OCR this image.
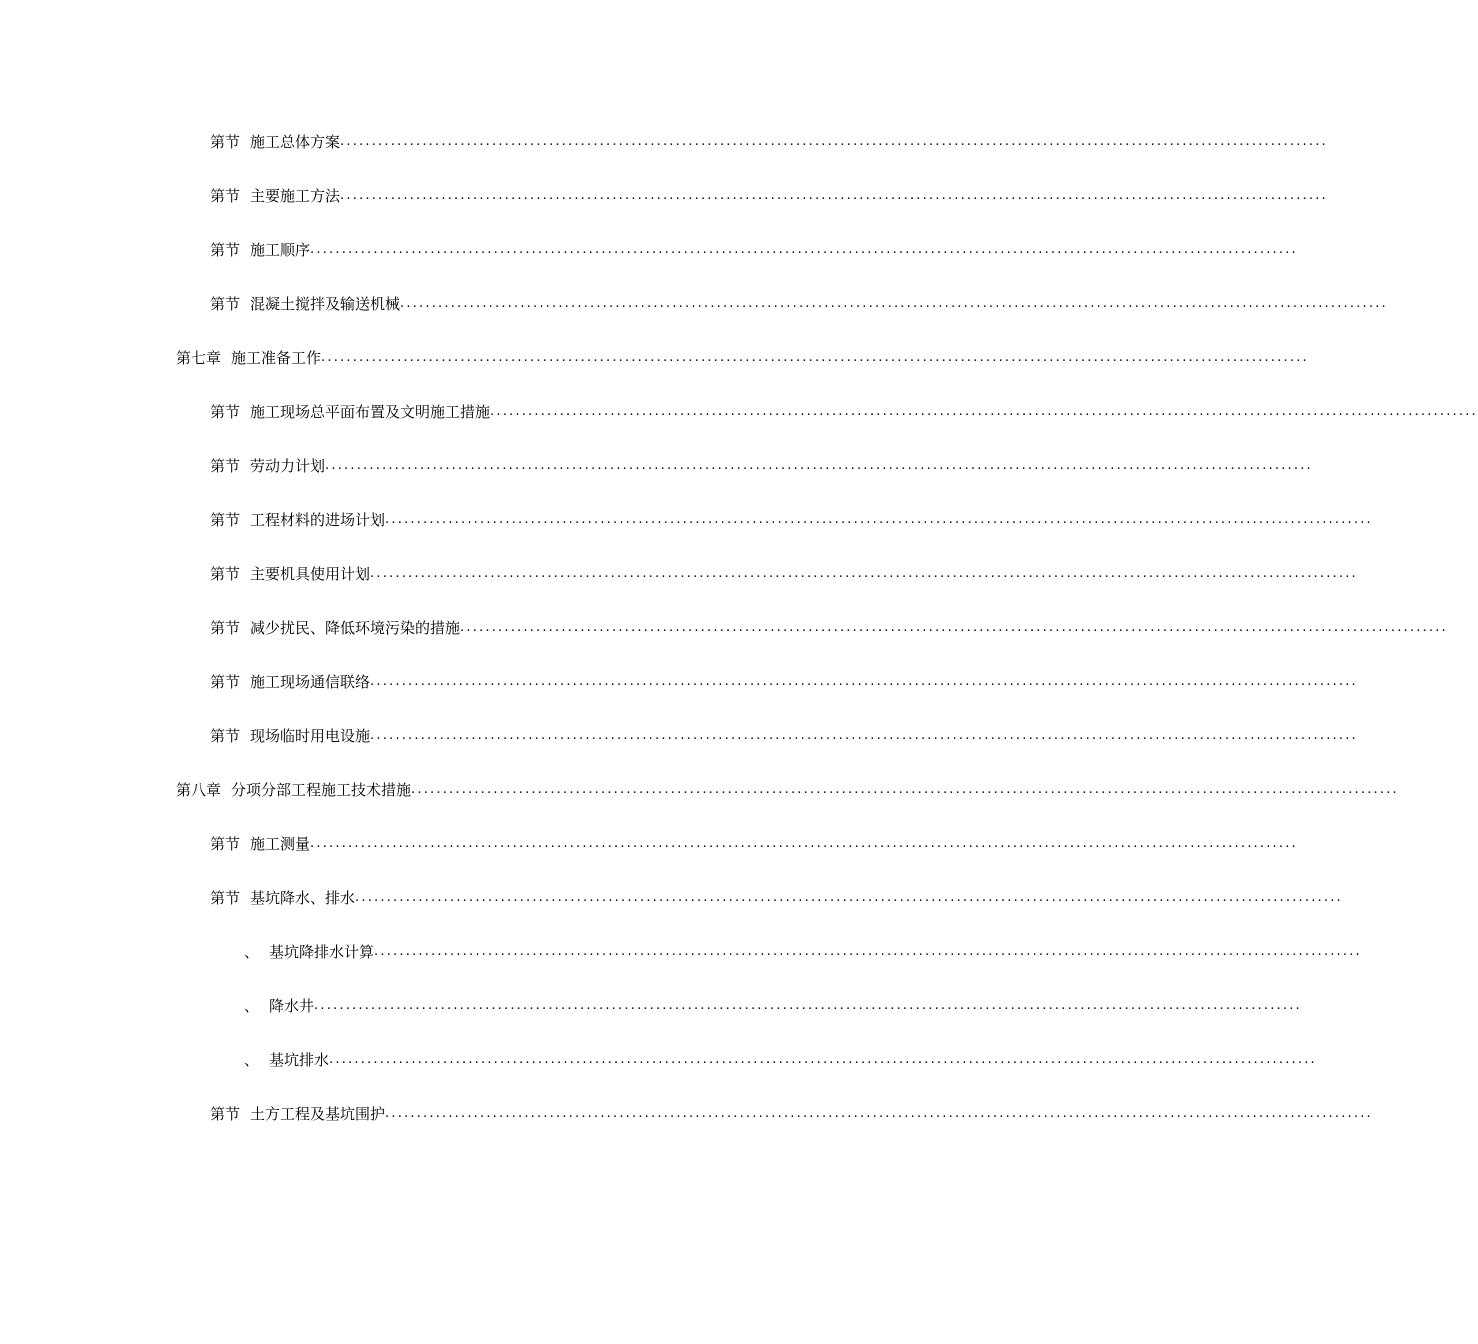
第节 施工总体方案 ............................................................................................................................................................
第节 主要施工方法 ............................................................................................................................................................
第节 施工顺序 ............................................................................................................................................................
第节 混凝土搅拌及输送机械 ............................................................................................................................................................
第七章 施工准备工作 ............................................................................................................................................................
第节 施工现场总平面布置及文明施工措施 ............................................................................................................................................................
第节 劳动力计划 ............................................................................................................................................................
第节 工程材料的进场计划 ............................................................................................................................................................
第节 主要机具使用计划 ............................................................................................................................................................
第节 减少扰民、降低环境污染的措施 ............................................................................................................................................................
第节 施工现场通信联络 ............................................................................................................................................................
第节 现场临时用电设施 ............................................................................................................................................................
第八章 分项分部工程施工技术措施 ............................................................................................................................................................
第节 施工测量 ............................................................................................................................................................
第节 基坑降水、排水 ............................................................................................................................................................
、 基坑降排水计算 ............................................................................................................................................................
、 降水井 ............................................................................................................................................................
、 基坑排水 ............................................................................................................................................................
第节 土方工程及基坑围护 ............................................................................................................................................................
